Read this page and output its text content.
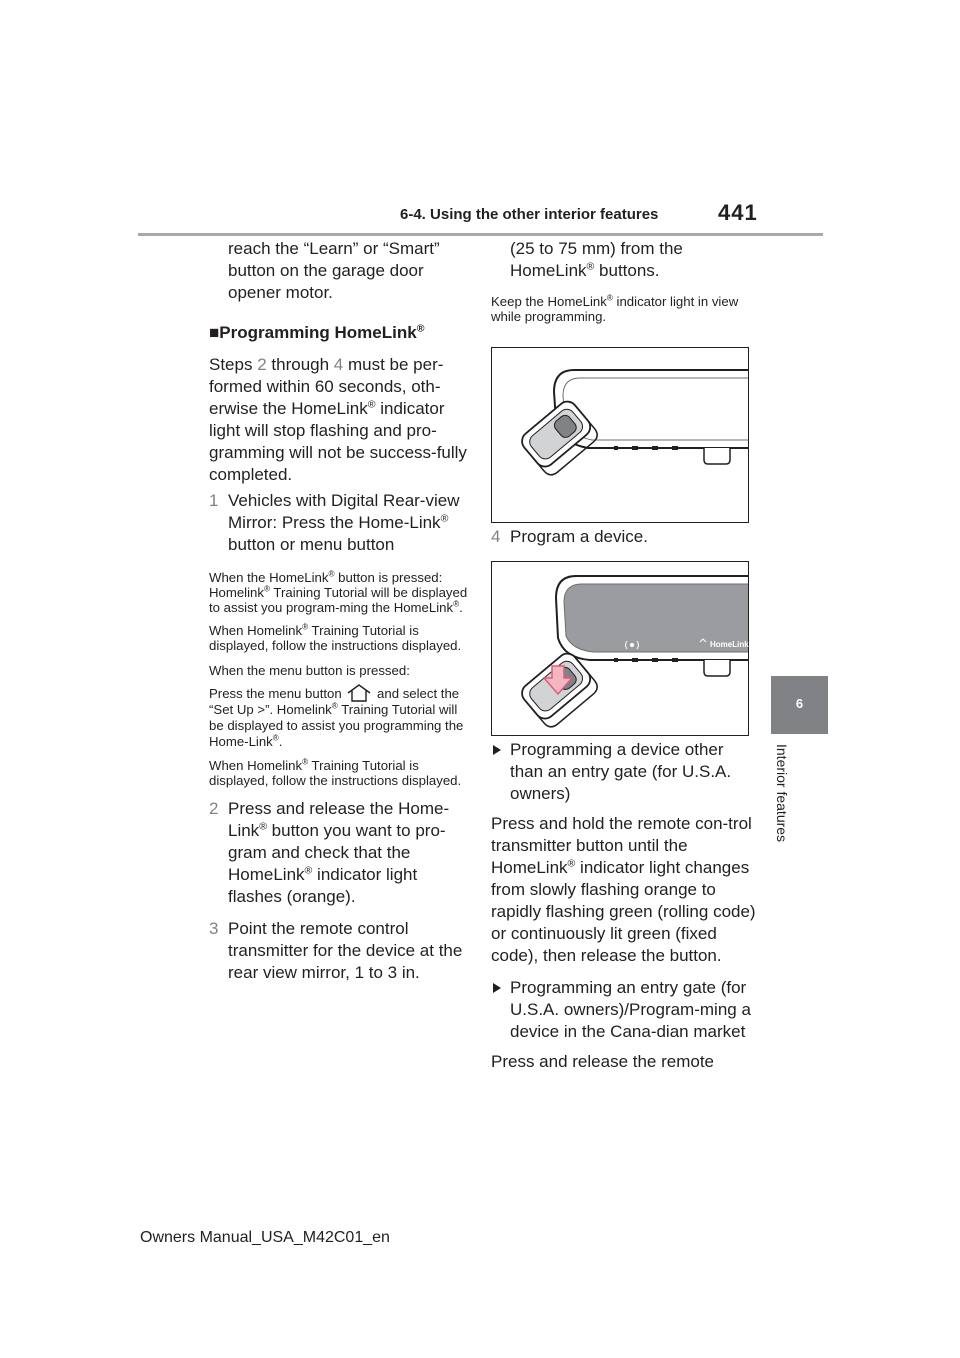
6-4. Using the other interior features	441
6
Interior features

reach the “Learn” or “Smart” button on the garage door opener motor.

■Programming HomeLink®

Steps 2 through 4 must be per-formed within 60 seconds, oth-erwise the HomeLink® indicator light will stop flashing and pro-gramming will not be success-fully completed.

1 Vehicles with Digital Rear-view Mirror: Press the Home-Link® button or menu button

When the HomeLink® button is pressed:
Homelink® Training Tutorial will be displayed to assist you program-ming the HomeLink®.

When Homelink® Training Tutorial is displayed, follow the instructions displayed.

When the menu button is pressed:

Press the menu button  and select the “Set Up >”. Homelink® Training Tutorial will be displayed to assist you programming the Home-Link®.

When Homelink® Training Tutorial is displayed, follow the instructions displayed.

2 Press and release the Home-Link® button you want to pro-gram and check that the HomeLink® indicator light flashes (orange).
3 Point the remote control transmitter for the device at the rear view mirror, 1 to 3 in.

(25 to 75 mm) from the HomeLink® buttons.

Keep the HomeLink® indicator light in view while programming.

4 Program a device.
HomeLink
Programming a device other than an entry gate (for U.S.A. owners)

Press and hold the remote con-trol transmitter button until the HomeLink® indicator light changes from slowly flashing orange to rapidly flashing green (rolling code) or continuously lit green (fixed code), then release the button.

Programming an entry gate (for U.S.A. owners)/Program-ming a device in the Cana-dian market

Press and release the remote

Owners Manual_USA_M42C01_en
